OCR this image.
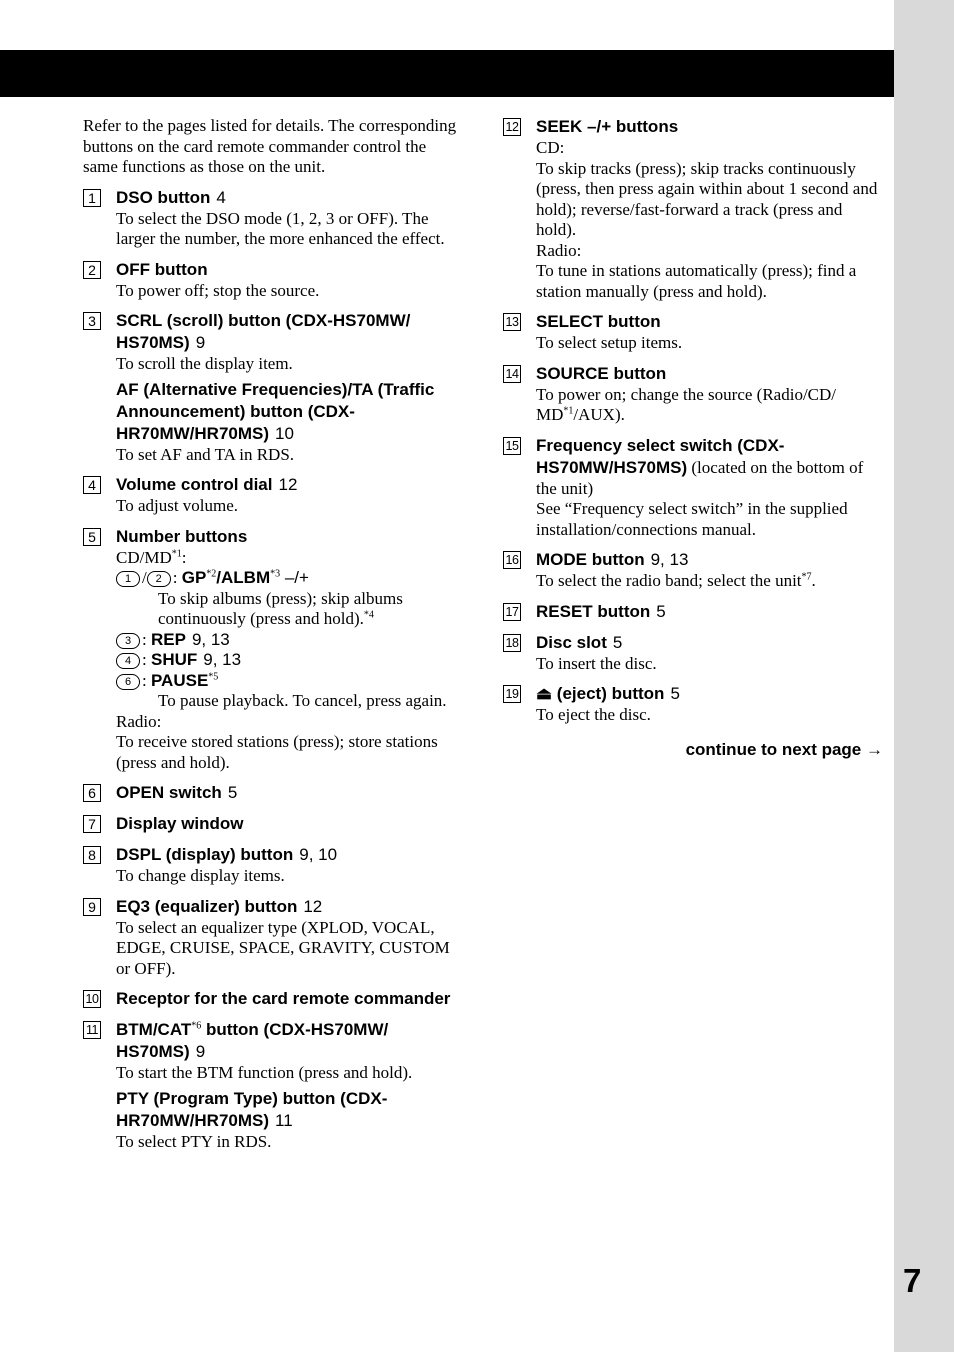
7
Refer to the pages listed for details. The corresponding buttons on the card remote commander control the same functions as those on the unit.
1	DSO button 4
To select the DSO mode (1, 2, 3 or OFF). The larger the number, the more enhanced the effect.
2	OFF button
To power off; stop the source.
3	SCRL (scroll) button (CDX-HS70MW/ HS70MS) 9
To scroll the display item.
AF (Alternative Frequencies)/TA (Traffic Announcement) button (CDX-HR70MW/HR70MS) 10
To set AF and TA in RDS.
4	Volume control dial 12
To adjust volume.
5	Number buttons
CD/MD$^{*1}$:
1 / 2 : GP$^{*2}$/ALBM$^{*3}$ –/+
To skip albums (press); skip albums continuously (press and hold).$^{*4}$
3 : REP 9, 13
4 : SHUF 9, 13
6 : PAUSE$^{*5}$
To pause playback. To cancel, press again.
Radio:
To receive stored stations (press); store stations (press and hold).
6	OPEN switch 5
7	Display window
8	DSPL (display) button 9, 10
To change display items.
9	EQ3 (equalizer) button 12
To select an equalizer type (XPLOD, VOCAL, EDGE, CRUISE, SPACE, GRAVITY, CUSTOM or OFF).
10 Receptor for the card remote commander
11 BTM/CAT$^{*6}$ button (CDX-HS70MW/ HS70MS) 9
To start the BTM function (press and hold).
PTY (Program Type) button (CDX-HR70MW/HR70MS) 11
To select PTY in RDS.
12 SEEK –/+ buttons
CD:
To skip tracks (press); skip tracks continuously (press, then press again within about 1 second and hold); reverse/fast-forward a track (press and hold).
Radio:
To tune in stations automatically (press); find a station manually (press and hold).
13 SELECT button
To select setup items.
14 SOURCE button
To power on; change the source (Radio/CD/ MD$^{*1}$/AUX).
15 Frequency select switch (CDX-HS70MW/HS70MS) (located on the bottom of the unit)
See “Frequency select switch” in the supplied installation/connections manual.
16 MODE button 9, 13
To select the radio band; select the unit$^{*7}$.
17 RESET button 5
18 Disc slot 5
To insert the disc.
19 ⏏ (eject) button 5
To eject the disc.
continue to next page →
